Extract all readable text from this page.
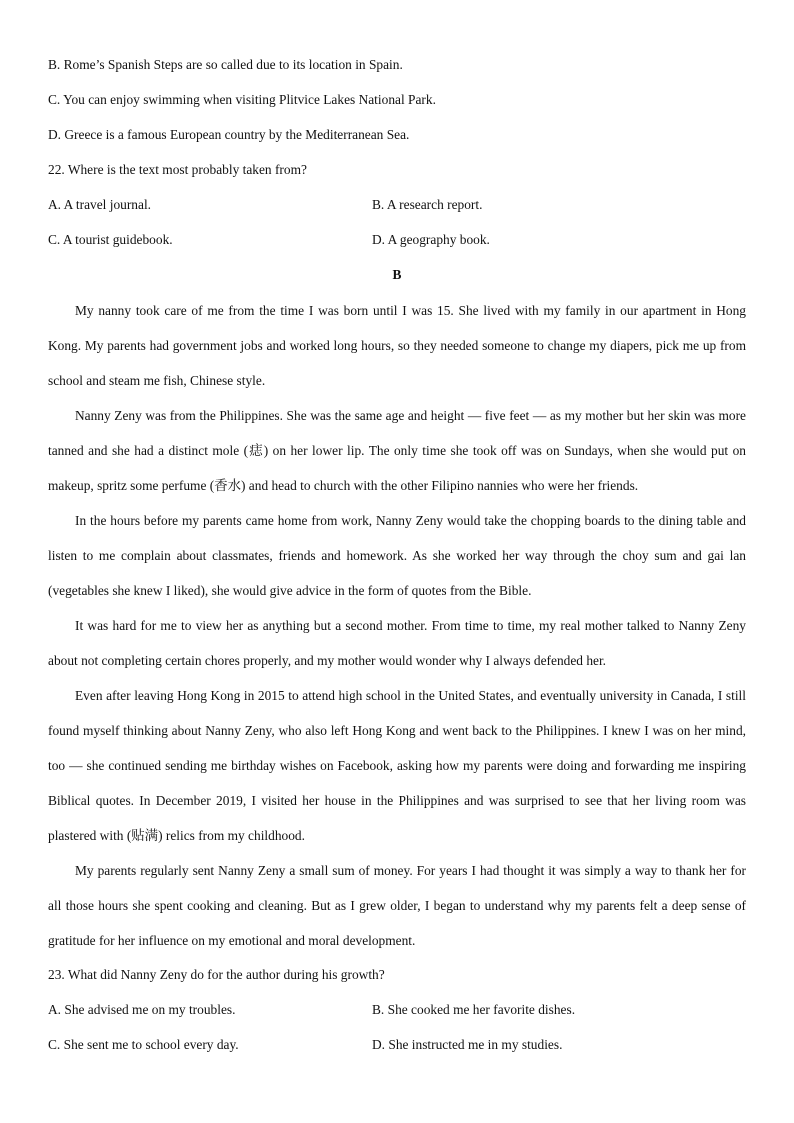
B. Rome’s Spanish Steps are so called due to its location in Spain.
C. You can enjoy swimming when visiting Plitvice Lakes National Park.
D. Greece is a famous European country by the Mediterranean Sea.
22. Where is the text most probably taken from?
A. A travel journal.	B. A research report.
C. A tourist guidebook.	D. A geography book.
B

My nanny took care of me from the time I was born until I was 15. She lived with my family in our apartment in Hong Kong. My parents had government jobs and worked long hours, so they needed someone to change my diapers, pick me up from school and steam me fish, Chinese style.

Nanny Zeny was from the Philippines. She was the same age and height — five feet — as my mother but her skin was more tanned and she had a distinct mole (痣) on her lower lip. The only time she took off was on Sundays, when she would put on makeup, spritz some perfume (香水) and head to church with the other Filipino nannies who were her friends.

In the hours before my parents came home from work, Nanny Zeny would take the chopping boards to the dining table and listen to me complain about classmates, friends and homework. As she worked her way through the choy sum and gai lan (vegetables she knew I liked), she would give advice in the form of quotes from the Bible.

It was hard for me to view her as anything but a second mother. From time to time, my real mother talked to Nanny Zeny about not completing certain chores properly, and my mother would wonder why I always defended her.

Even after leaving Hong Kong in 2015 to attend high school in the United States, and eventually university in Canada, I still found myself thinking about Nanny Zeny, who also left Hong Kong and went back to the Philippines. I knew I was on her mind, too — she continued sending me birthday wishes on Facebook, asking how my parents were doing and forwarding me inspiring Biblical quotes. In December 2019, I visited her house in the Philippines and was surprised to see that her living room was plastered with (贴满) relics from my childhood.

My parents regularly sent Nanny Zeny a small sum of money. For years I had thought it was simply a way to thank her for all those hours she spent cooking and cleaning. But as I grew older, I began to understand why my parents felt a deep sense of gratitude for her influence on my emotional and moral development.

23. What did Nanny Zeny do for the author during his growth?
A. She advised me on my troubles.	B. She cooked me her favorite dishes.
C. She sent me to school every day.	D. She instructed me in my studies.
